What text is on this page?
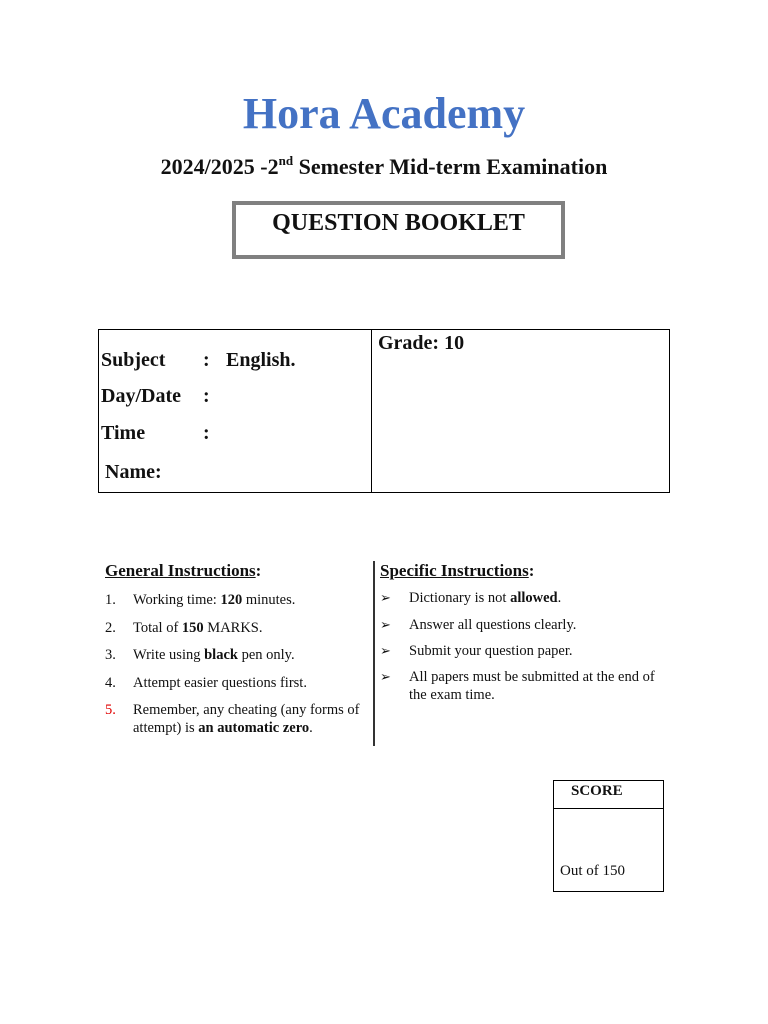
Hora Academy
2024/2025 -2nd Semester Mid-term Examination
QUESTION BOOKLET
Subject : English.
Day/Date :
Time	:
Name:
Grade: 10
General Instructions:
1.	Working time: 120 minutes.
2.	Total of 150 MARKS.
3.	Write using black pen only.
4.	Attempt easier questions first.
5.	Remember, any cheating (any forms of attempt) is an automatic zero.
Specific Instructions:
➢	Dictionary is not allowed.
➢	Answer all questions clearly.
➢	Submit your question paper.
➢	All papers must be submitted at the end of the exam time.
SCORE
Out of 150
